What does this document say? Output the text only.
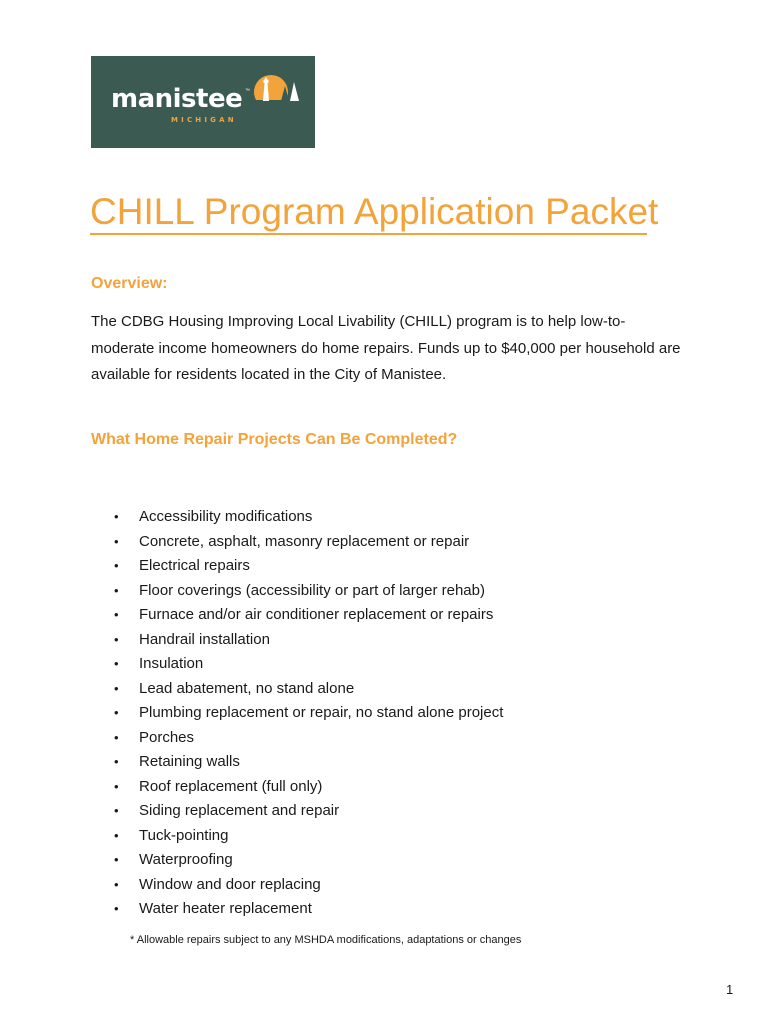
manistee ™
MICHIGAN
CHILL Program Application Packet
Overview:

The CDBG Housing Improving Local Livability (CHILL) program is to help low-to-moderate income homeowners do home repairs. Funds up to $40,000 per household are available for residents located in the City of Manistee.

What Home Repair Projects Can Be Completed?
• Accessibility modifications
• Concrete, asphalt, masonry replacement or repair
• Electrical repairs
• Floor coverings (accessibility or part of larger rehab)
• Furnace and/or air conditioner replacement or repairs
• Handrail installation
• Insulation
• Lead abatement, no stand alone
• Plumbing replacement or repair, no stand alone project
• Porches
• Retaining walls
• Roof replacement (full only)
• Siding replacement and repair
• Tuck-pointing
• Waterproofing
• Window and door replacing
• Water heater replacement

* Allowable repairs subject to any MSHDA modifications, adaptations or changes

1
